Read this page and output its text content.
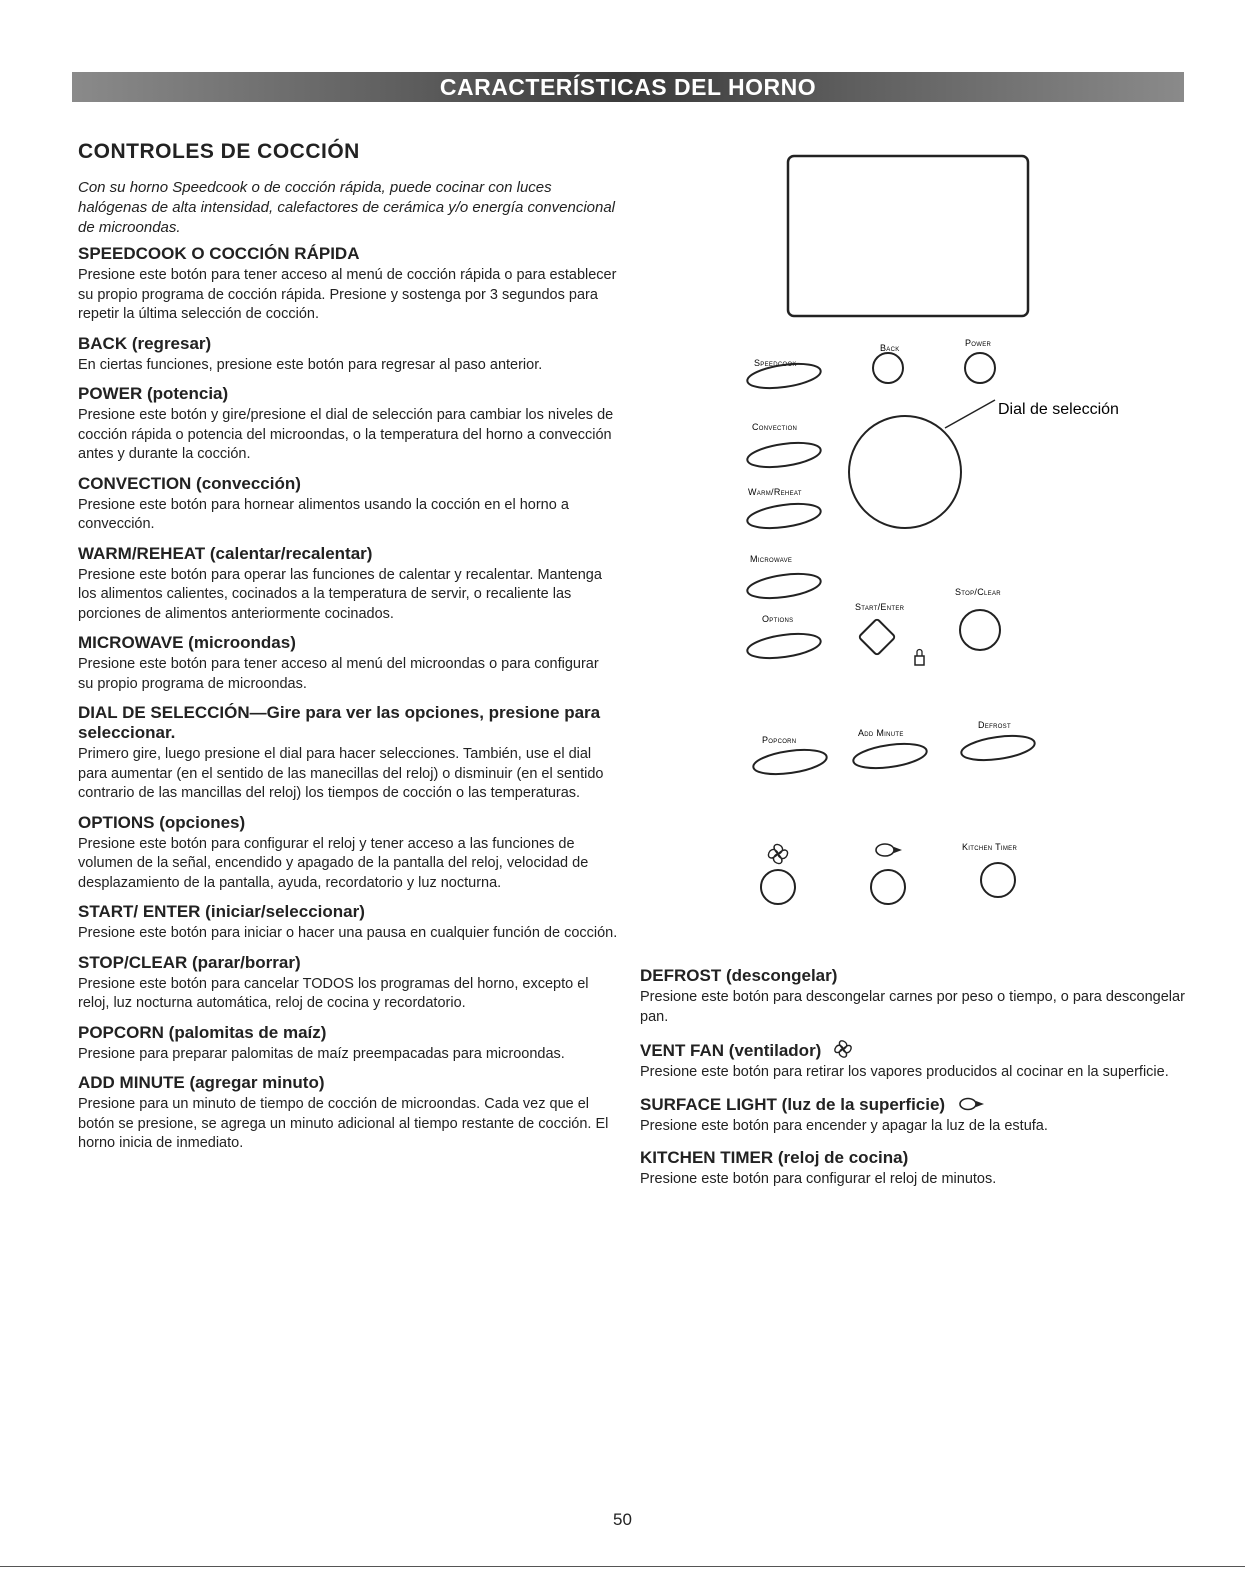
CARACTERÍSTICAS DEL HORNO
CONTROLES DE COCCIÓN

Con su horno Speedcook o de cocción rápida, puede cocinar con luces halógenas de alta intensidad, calefactores de cerámica y/o energía convencional de microondas.

SPEEDCOOK O COCCIÓN RÁPIDA

Presione este botón para tener acceso al menú de cocción rápida o para establecer su propio programa de cocción rápida. Presione y sostenga por 3 segundos para repetir la última selección de cocción.

BACK (regresar)

En ciertas funciones, presione este botón para regresar al paso anterior.

POWER (potencia)

Presione este botón y gire/presione el dial de selección para cambiar los niveles de cocción rápida o potencia del microondas, o la temperatura del horno a convección antes y durante la cocción.

CONVECTION (convección)

Presione este botón para hornear alimentos usando la cocción en el horno a convección.

WARM/REHEAT (calentar/recalentar)

Presione este botón para operar las funciones de calentar y recalentar. Mantenga los alimentos calientes, cocinados a la temperatura de servir, o recaliente las porciones de alimentos anteriormente cocinados.

MICROWAVE (microondas)

Presione este botón para tener acceso al menú del microondas o para configurar su propio programa de microondas.

DIAL DE SELECCIÓN—Gire para ver las opciones, presione para seleccionar.

Primero gire, luego presione el dial para hacer selecciones. También, use el dial para aumentar (en el sentido de las manecillas del reloj) o disminuir (en el sentido contrario de las mancillas del reloj) los tiempos de cocción o las temperaturas.

OPTIONS (opciones)

Presione este botón para configurar el reloj y tener acceso a las funciones de volumen de la señal, encendido y apagado de la pantalla del reloj, velocidad de desplazamiento de la pantalla, ayuda, recordatorio y luz nocturna.

START/ ENTER (iniciar/seleccionar)

Presione este botón para iniciar o hacer una pausa en cualquier función de cocción.

STOP/CLEAR (parar/borrar)

Presione este botón para cancelar TODOS los programas del horno, excepto el reloj, luz nocturna automática, reloj de cocina y recordatorio.

POPCORN (palomitas de maíz)

Presione para preparar palomitas de maíz preempacadas para microondas.

ADD MINUTE (agregar minuto)

Presione para un minuto de tiempo de cocción de microondas. Cada vez que el botón se presione, se agrega un minuto adicional al tiempo restante de cocción. El horno inicia de inmediato.

Speedcook
Back	Power
Convection
Dial de selección
Warm/Reheat
Microwave
Stop/Clear
Start/Enter
Options
Popcorn
Add Minute
Defrost
Kitchen Timer
DEFROST (descongelar)

Presione este botón para descongelar carnes por peso o tiempo, o para descongelar pan.

VENT FAN (ventilador)

Presione este botón para retirar los vapores producidos al cocinar en la superficie.

SURFACE LIGHT (luz de la superficie)

Presione este botón para encender y apagar la luz de la estufa.

KITCHEN TIMER (reloj de cocina)

Presione este botón para configurar el reloj de minutos.

50
